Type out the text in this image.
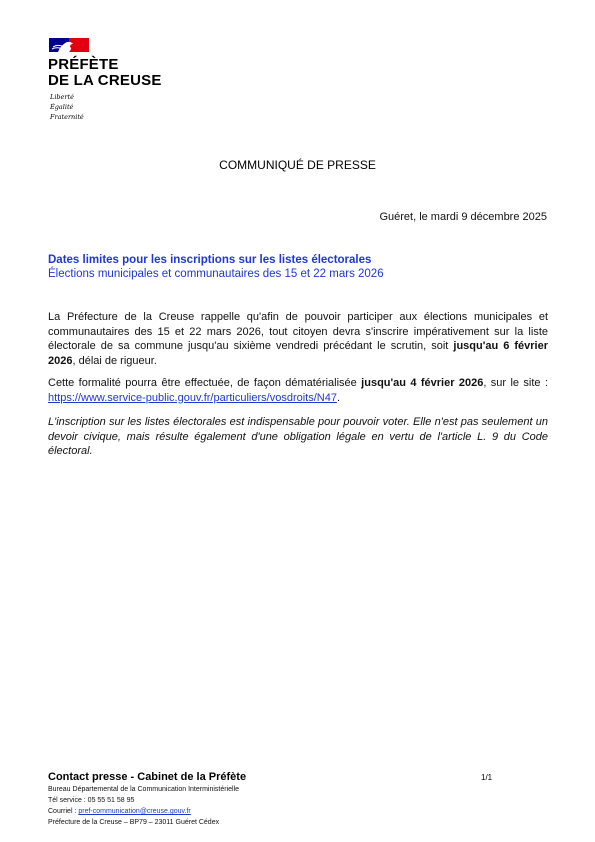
PRÉFÈTE
DE LA CREUSE
Liberté
Égalité
Fraternité
COMMUNIQUÉ DE PRESSE
Guéret, le mardi 9 décembre 2025
Dates limites pour les inscriptions sur les listes électorales
Élections municipales et communautaires des 15 et 22 mars 2026
La Préfecture de la Creuse rappelle qu'afin de pouvoir participer aux élections municipales et communautaires des 15 et 22 mars 2026, tout citoyen devra s'inscrire impérativement sur la liste électorale de sa commune jusqu'au sixième vendredi précédant le scrutin, soit jusqu'au 6 février 2026, délai de rigueur.
Cette formalité pourra être effectuée, de façon dématérialisée jusqu'au 4 février 2026, sur le site : https://www.service-public.gouv.fr/particuliers/vosdroits/N47.
L'inscription sur les listes électorales est indispensable pour pouvoir voter. Elle n'est pas seulement un devoir civique, mais résulte également d'une obligation légale en vertu de l'article L. 9 du Code électoral.
Contact presse - Cabinet de la Préfète	1/1
Bureau Départemental de la Communication Interministérielle
Tél service : 05 55 51 58 95
Courriel : pref-communication@creuse.gouv.fr
Préfecture de la Creuse – BP79 – 23011 Guéret Cédex
